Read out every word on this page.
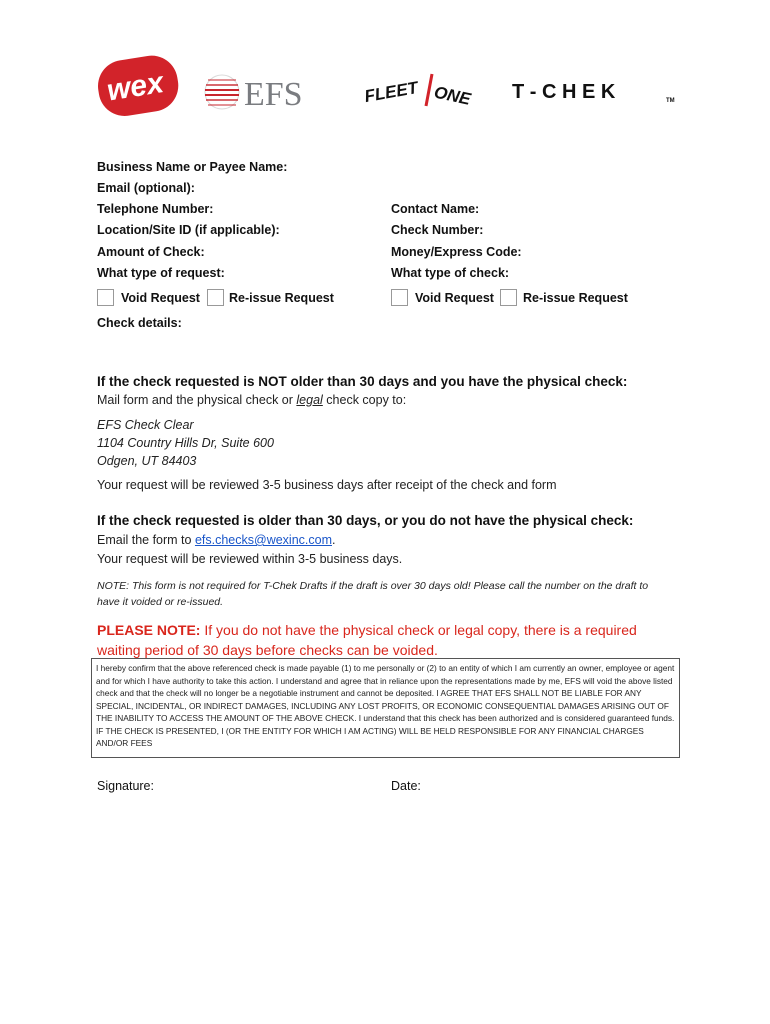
wex EFS	FLEET ONE T - C H E K	TM
Business Name or Payee Name:
Email (optional):
Telephone Number:	Contact Name:
Location/Site ID (if applicable):	Check Number:
Amount of Check:	Money/Express Code:
What type of request:	What type of check:
Void Request Re-issue Request	Void Request Re-issue Request
Check details:
If the check requested is NOT older than 30 days and you have the physical check:
Mail form and the physical check or legal check copy to:
EFS Check Clear
1104 Country Hills Dr, Suite 600
Odgen, UT 84403
Your request will be reviewed 3-5 business days after receipt of the check and form
If the check requested is older than 30 days, or you do not have the physical check:
Email the form to efs.checks@wexinc.com.
Your request will be reviewed within 3-5 business days.
NOTE: This form is not required for T-Chek Drafts if the draft is over 30 days old! Please call the number on the draft to have it voided or re-issued.
PLEASE NOTE: If you do not have the physical check or legal copy, there is a required waiting period of 30 days before checks can be voided.
I hereby confirm that the above referenced check is made payable (1) to me personally or (2) to an entity of which I am currently an owner, employee or agent and for which I have authority to take this action. I understand and agree that in reliance upon the representations made by me, EFS will void the above listed check and that the check will no longer be a negotiable instrument and cannot be deposited. I AGREE THAT EFS SHALL NOT BE LIABLE FOR ANY SPECIAL, INCIDENTAL, OR INDIRECT DAMAGES, INCLUDING ANY LOST PROFITS, OR ECONOMIC CONSEQUENTIAL DAMAGES ARISING OUT OF THE INABILITY TO ACCESS THE AMOUNT OF THE ABOVE CHECK. I understand that this check has been authorized and is considered guaranteed funds. IF THE CHECK IS PRESENTED, I (OR THE ENTITY FOR WHICH I AM ACTING) WILL BE HELD RESPONSIBLE FOR ANY FINANCIAL CHARGES AND/OR FEES
Signature:	Date:
